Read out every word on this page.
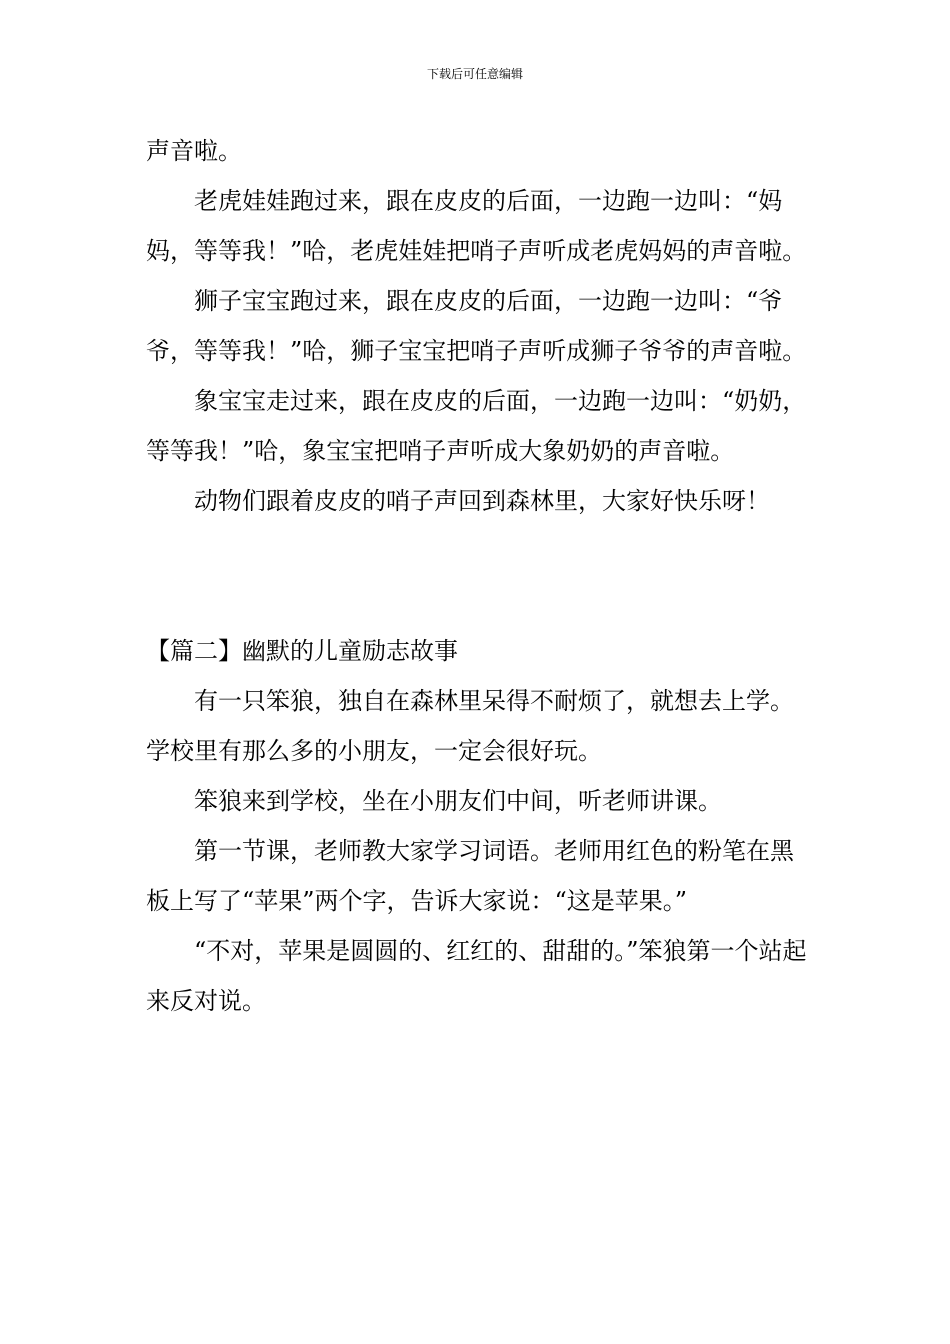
下载后可任意编辑

声音啦。

老虎娃娃跑过来，跟在皮皮的后面，一边跑一边叫：“妈妈，等等我！”哈，老虎娃娃把哨子声听成老虎妈妈的声音啦。

狮子宝宝跑过来，跟在皮皮的后面，一边跑一边叫：“爷爷，等等我！”哈，狮子宝宝把哨子声听成狮子爷爷的声音啦。

象宝宝走过来，跟在皮皮的后面，一边跑一边叫：“奶奶，等等我！”哈，象宝宝把哨子声听成大象奶奶的声音啦。

动物们跟着皮皮的哨子声回到森林里，大家好快乐呀！

【篇二】幽默的儿童励志故事

有一只笨狼，独自在森林里呆得不耐烦了，就想去上学。学校里有那么多的小朋友，一定会很好玩。

笨狼来到学校，坐在小朋友们中间，听老师讲课。

第一节课，老师教大家学习词语。老师用红色的粉笔在黑板上写了“苹果”两个字，告诉大家说：“这是苹果。”

“不对，苹果是圆圆的、红红的、甜甜的。”笨狼第一个站起来反对说。
